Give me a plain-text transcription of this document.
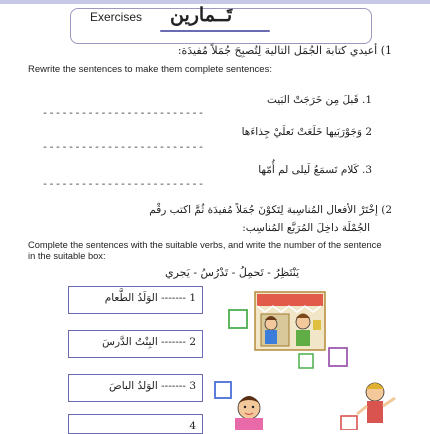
Exercises تَــمارين
1) أعيدي كتابة الجُمَل التالية لِتُصبِحَ جُمَلاً مُفيدَة:
Rewrite the sentences to make them complete sentences:
1. قَبلَ مِن خَرَجَتْ البَيت
-------------------------
2 وَجَوْرَبَيها خَلَعَتْ نَعلَيْ جِذاءَها
-------------------------
3. كَلام تَسمَعُ لَيلى لم أُمّها
-------------------------
2) إخْتَرْ الأفعال المُناسِبة لِتَكوْنَ جُمَلاً مُفيدَة ثُمَّ اكتب رقْم
الجُمْلَة داخِلَ المُرَبَّع المُناسِب:
Complete the sentences with the suitable verbs, and write the number of the sentence in the suitable box:
يَنْتَظِرُ - تَحمِلُ - تَدْرُسُ - يَجري
1 ------- الوَلَدُ الطَّعام
2 ------- البِنْتُ الدَّرسَ
3 ------- الوَلدُ الباصَ
4
